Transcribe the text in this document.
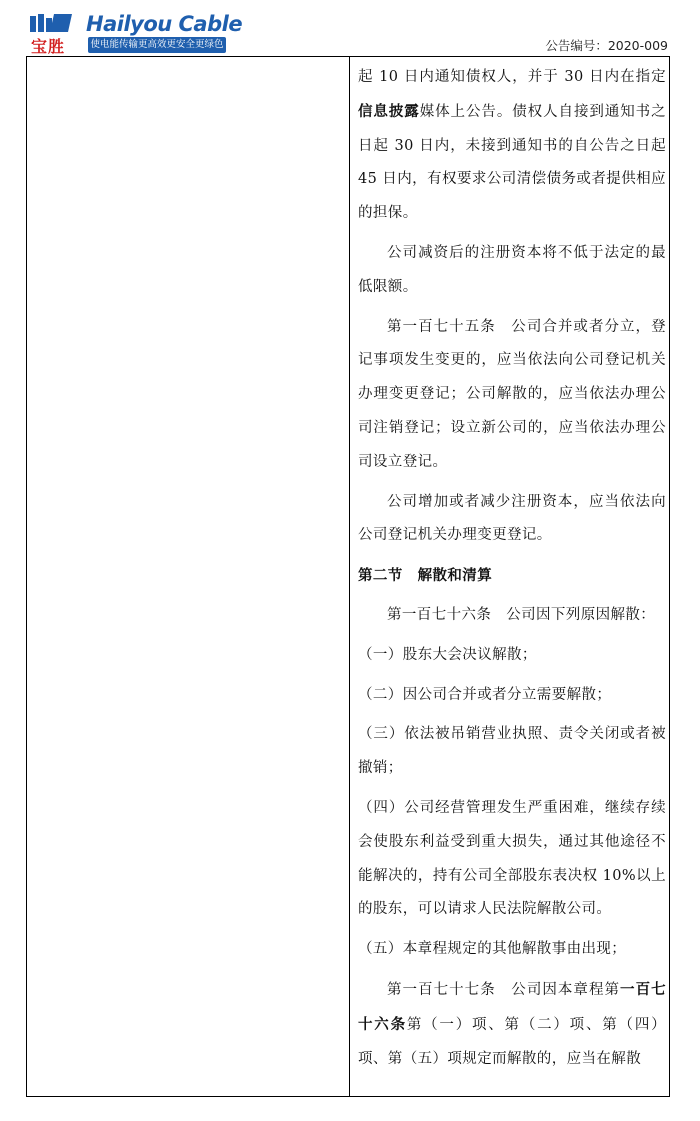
宝胜
Hailyou Cable
使电能传输更高效更安全更绿色	公告编号：2020-009

起 10 日内通知债权人，并于 30 日内在指定信息披露媒体上公告。债权人自接到通知书之日起 30 日内，未接到通知书的自公告之日起 45 日内，有权要求公司清偿债务或者提供相应的担保。

公司减资后的注册资本将不低于法定的最低限额。

第一百七十五条　公司合并或者分立，登记事项发生变更的，应当依法向公司登记机关办理变更登记；公司解散的，应当依法办理公司注销登记；设立新公司的，应当依法办理公司设立登记。

公司增加或者减少注册资本，应当依法向公司登记机关办理变更登记。

第二节　解散和清算

第一百七十六条　公司因下列原因解散：

（一）股东大会决议解散；

（二）因公司合并或者分立需要解散；

（三）依法被吊销营业执照、责令关闭或者被撤销；

（四）公司经营管理发生严重困难，继续存续会使股东利益受到重大损失，通过其他途径不能解决的，持有公司全部股东表决权 10%以上的股东，可以请求人民法院解散公司。

（五）本章程规定的其他解散事由出现；

第一百七十七条　公司因本章程第一百七十六条第（一）项、第（二）项、第（四）项、第（五）项规定而解散的，应当在解散
